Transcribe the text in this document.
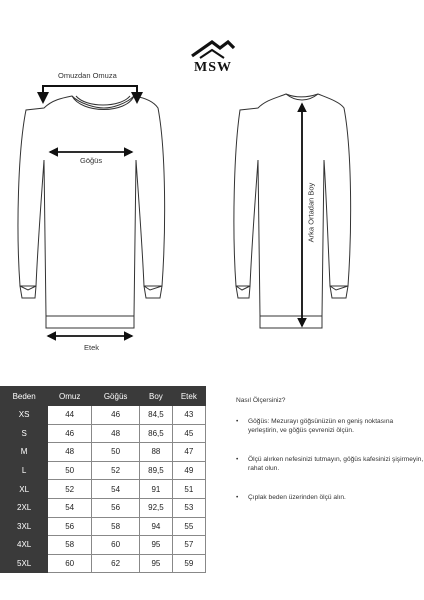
MSW
Omuzdan Omuza
Göğüs
Etek
Arka Ortadan Boy
Beden	Omuz	Göğüs	Boy	Etek
XS	44	46	84,5	43
S	46	48	86,5	45
M	48	50	88	47
L	50	52	89,5	49
XL	52	54	91	51
2XL	54	56	92,5	53
3XL	56	58	94	55
4XL	58	60	95	57
5XL	60	62	95	59
Nasıl Ölçersiniz?
•	Göğüs: Mezurayı göğsünüzün en geniş noktasına yerleştirin, ve göğüs çevrenizi ölçün.
•	Ölçü alırken nefesinizi tutmayın, göğüs kafesinizi şişirmeyin, rahat olun.
•	Çıplak beden üzerinden ölçü alın.
